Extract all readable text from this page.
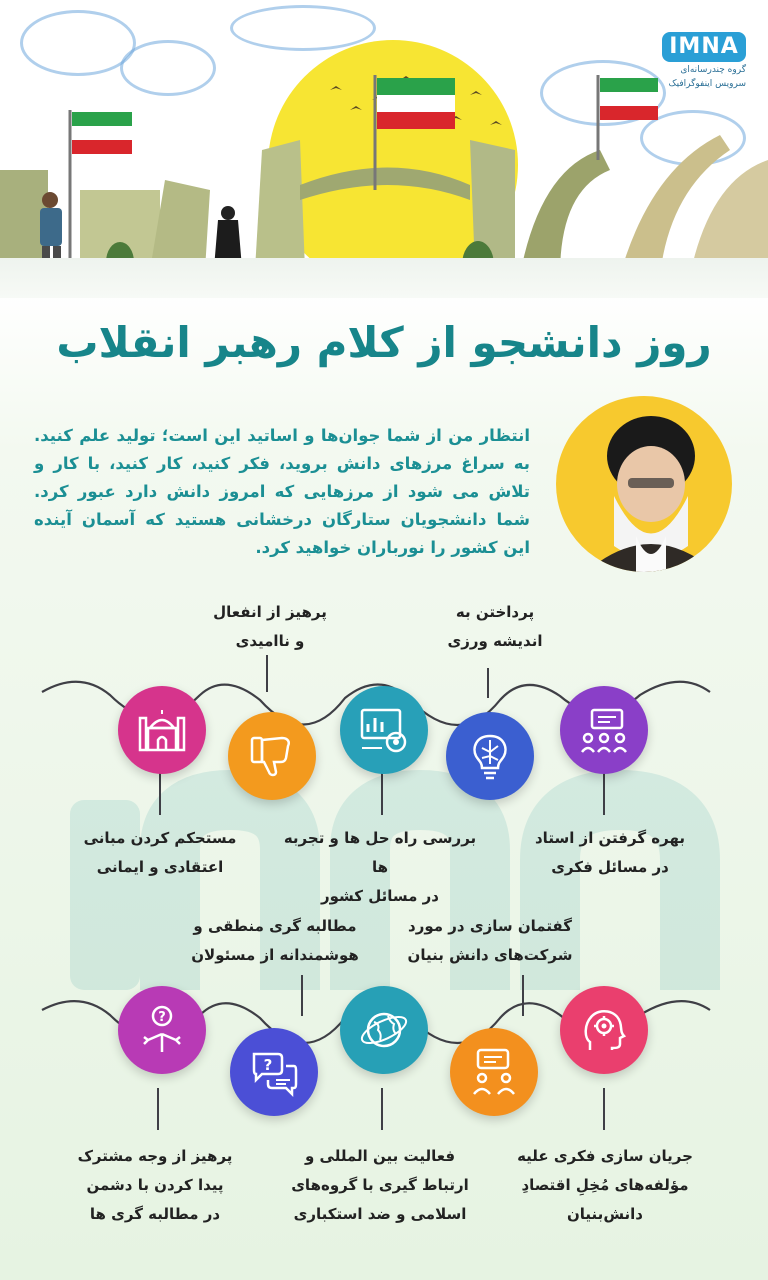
IMNA
گروه چندرسانه‌ای
سرویس اینفوگرافیک
روز دانشجو از کلام رهبر انقلاب
انتظار من از شما جوان‌ها و اساتید این است؛ تولید علم کنید. به سراغ مرزهای دانش بروید، فکر کنید، کار کنید، با کار و تلاش می شود از مرزهایی که امروز دانش دارد عبور کرد. شما دانشجویان ستارگان درخشانی هستید که آسمان آینده این کشور را نورباران خواهید کرد.
بهره گرفتن از استاد
در مسائل فکری
پرداختن به
اندیشه ورزی
بررسی راه حل ها و تجربه ها
در مسائل کشور
پرهیز از انفعال
و ناامیدی
مستحکم کردن مبانی
اعتقادی و ایمانی
?
?
جریان سازی فکری علیه
مؤلفه‌های مُخِلِ اقتصادِ
دانش‌بنیان
گفتمان سازی در مورد
شرکت‌های دانش بنیان
فعالیت بین المللی و
ارتباط گیری با گروه‌های
اسلامی و ضد استکباری
مطالبه گری منطقی و
هوشمندانه از مسئولان
پرهیز از وجه مشترک
پیدا کردن با دشمن
در مطالبه گری ها
